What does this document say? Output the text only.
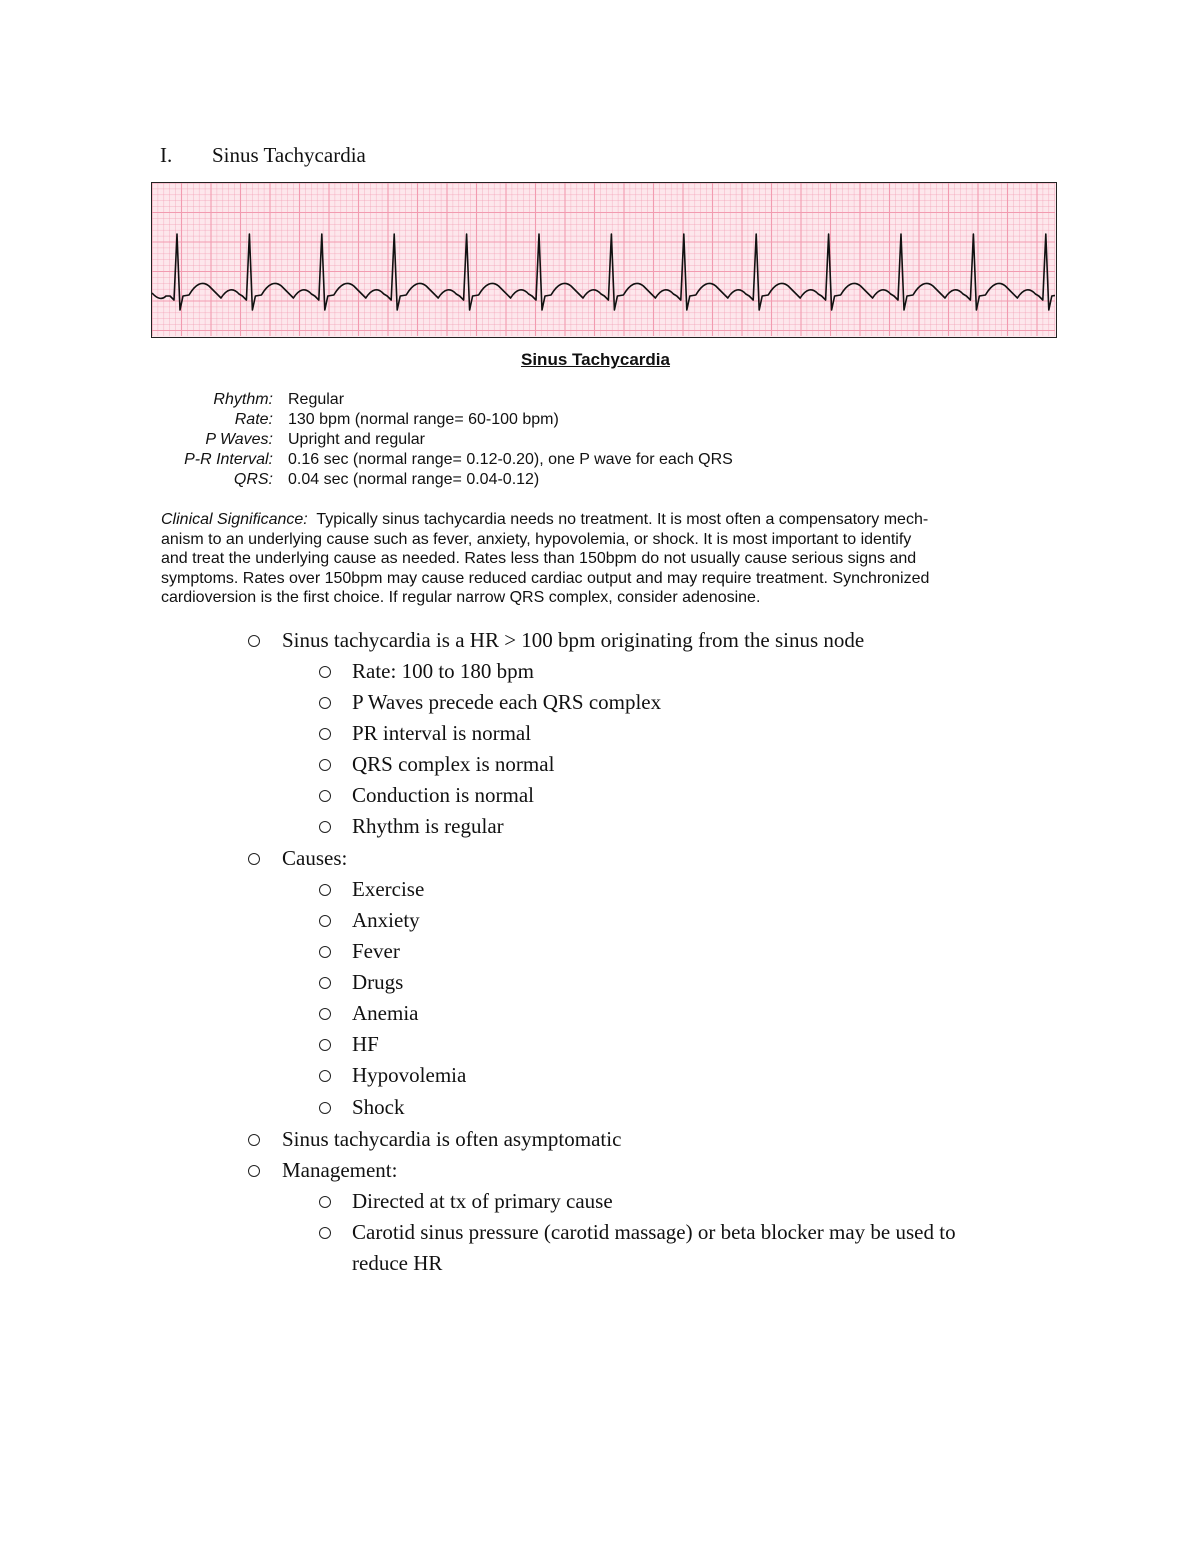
I. Sinus Tachycardia
Sinus Tachycardia
Rhythm: Regular
Rate: 130 bpm (normal range= 60-100 bpm)
P Waves: Upright and regular
P-R Interval: 0.16 sec (normal range= 0.12-0.20), one P wave for each QRS
QRS: 0.04 sec (normal range= 0.04-0.12)
Clinical Significance: Typically sinus tachycardia needs no treatment. It is most often a compensatory mech-
anism to an underlying cause such as fever, anxiety, hypovolemia, or shock. It is most important to identify
and treat the underlying cause as needed. Rates less than 150bpm do not usually cause serious signs and
symptoms. Rates over 150bpm may cause reduced cardiac output and may require treatment. Synchronized
cardioversion is the first choice. If regular narrow QRS complex, consider adenosine.
Sinus tachycardia is a HR > 100 bpm originating from the sinus node
Rate: 100 to 180 bpm
P Waves precede each QRS complex
PR interval is normal
QRS complex is normal
Conduction is normal
Rhythm is regular
Causes:
Exercise
Anxiety
Fever
Drugs
Anemia
HF
Hypovolemia
Shock
Sinus tachycardia is often asymptomatic
Management:
Directed at tx of primary cause
Carotid sinus pressure (carotid massage) or beta blocker may be used to
reduce HR
